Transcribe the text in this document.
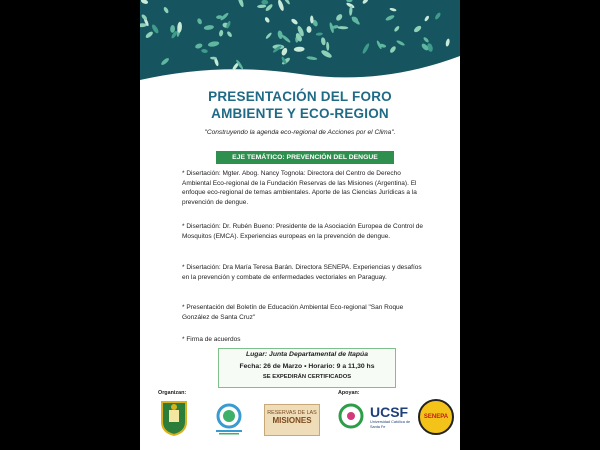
PRESENTACIÓN DEL FORO
AMBIENTE Y ECO-REGION
"Construyendo la agenda eco-regional de Acciones por el Clima".
EJE TEMÁTICO: PREVENCIÓN DEL DENGUE
* Disertación: Mgter. Abog. Nancy Tognola: Directora del Centro de Derecho Ambiental Eco-regional de la Fundación Reservas de las Misiones (Argentina). El enfoque eco-regional de temas ambientales. Aporte de las Ciencias Jurídicas a la prevención de dengue.
* Disertación: Dr. Rubén Bueno: Presidente de la Asociación Europea de Control de Mosquitos (EMCA). Experiencias europeas en la prevención de dengue.
* Disertación: Dra María Teresa Barán. Directora SENEPA. Experiencias y desafíos en la prevención y combate de enfermedades vectoriales en Paraguay.
* Presentación del Boletín de Educación Ambiental Eco-regional "San Roque González de Santa Cruz"
* Firma de acuerdos
Lugar: Junta Departamental de Itapúa
Fecha: 26 de Marzo • Horario: 9 a 11,30 hs
SE EXPEDIRÁN CERTIFICADOS
Organizan:	Apoyan:
RESERVAS DE LAS
MISIONES
UCSF
Universidad Católica de Santa Fe
SENEPA
